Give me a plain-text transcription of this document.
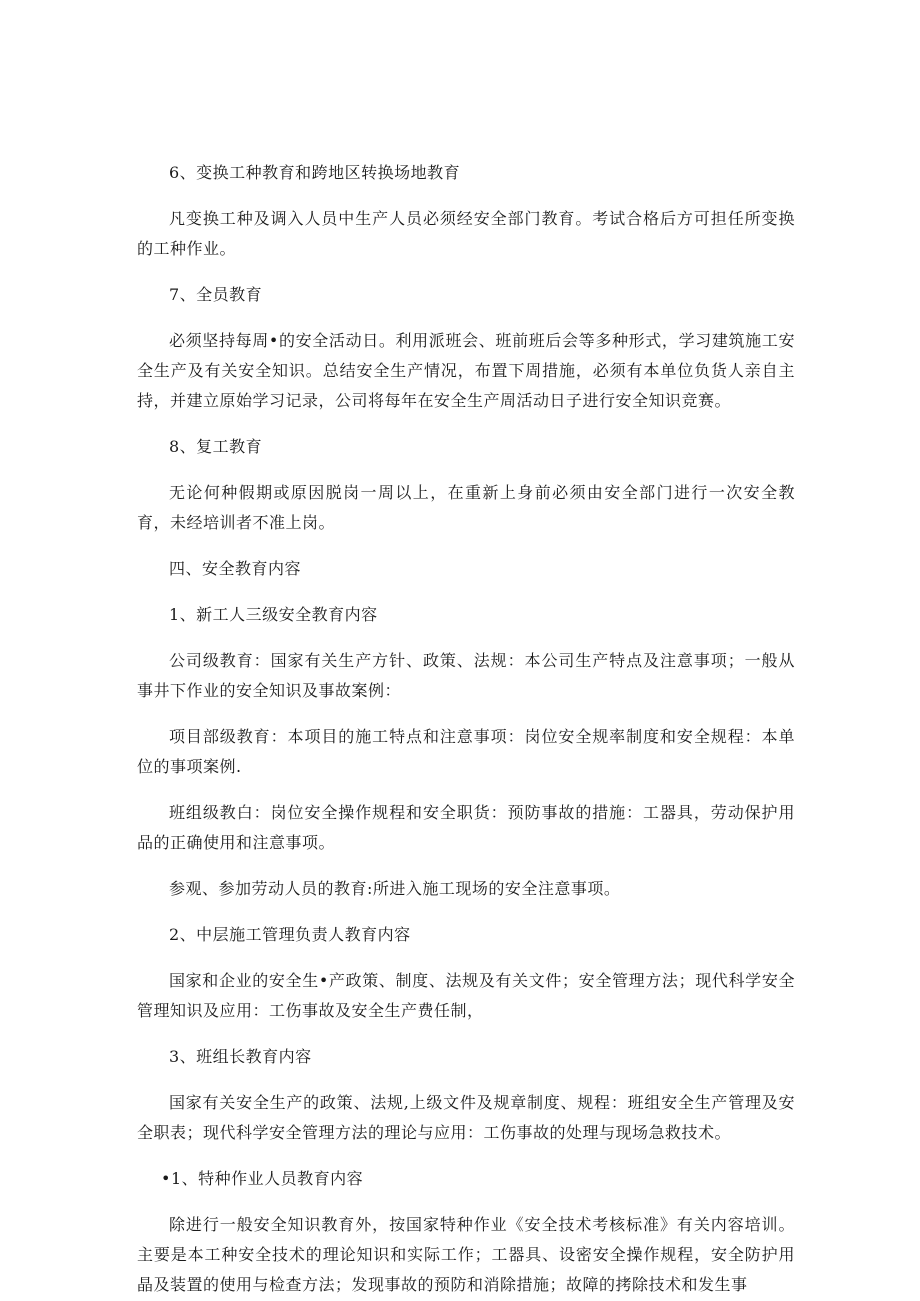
6、变换工种教育和跨地区转换场地教育

凡变换工种及调入人员中生产人员必须经安全部门教育。考试合格后方可担任所变换的工种作业。

7、全员教育

必须坚持每周•的安全活动日。利用派班会、班前班后会等多种形式，学习建筑施工安全生产及有关安全知识。总结安全生产情况，布置下周措施，必须有本单位负货人亲自主持，并建立原始学习记录，公司将每年在安全生产周活动日子进行安全知识竞赛。

8、复工教育

无论何种假期或原因脱岗一周以上，在重新上身前必须由安全部门进行一次安全教育，未经培训者不准上岗。

四、安全教育内容

1、新工人三级安全教育内容

公司级教育：国家有关生产方针、政策、法规：本公司生产特点及注意事项；一般从事井下作业的安全知识及事故案例：

项目部级教育：本项目的施工特点和注意事项：岗位安全规率制度和安全规程：本单位的事项案例.

班组级教白：岗位安全操作规程和安全职货：预防事故的措施：工器具，劳动保护用品的正确使用和注意事项。

参观、参加劳动人员的教育:所进入施工现场的安全注意事项。

2、中层施工管理负责人教育内容

国家和企业的安全生•产政策、制度、法规及有关文件；安全管理方法；现代科学安全管理知识及应用：工伤事故及安全生产费任制，

3、班组长教育内容

国家有关安全生产的政策、法规,上级文件及规章制度、规程：班组安全生产管理及安全职表；现代科学安全管理方法的理论与应用：工伤事故的处理与现场急救技术。

•1、特种作业人员教育内容

除进行一般安全知识教育外，按国家特种作业《安全技术考核标准》有关内容培训。主要是本工种安全技术的理论知识和实际工作；工器具、设密安全操作规程，安全防护用晶及装置的使用与检查方法；发现事故的预防和消除措施；故障的拷除技术和发生事
